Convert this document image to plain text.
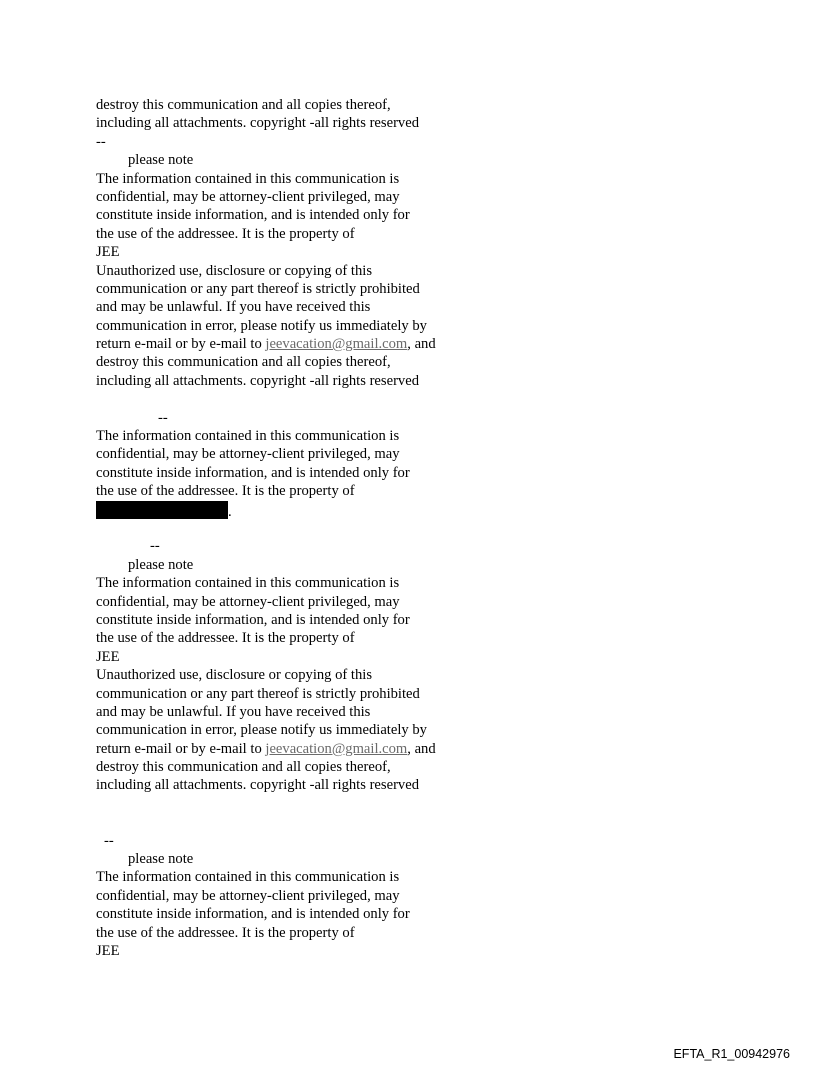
destroy this communication and all copies thereof,
including all attachments. copyright -all rights reserved
--
please note
The information contained in this communication is
confidential, may be attorney-client privileged, may
constitute inside information, and is intended only for
the use of the addressee. It is the property of
JEE
Unauthorized use, disclosure or copying of this
communication or any part thereof is strictly prohibited
and may be unlawful. If you have received this
communication in error, please notify us immediately by
return e-mail or by e-mail to jeevacation@gmail.com, and
destroy this communication and all copies thereof,
including all attachments. copyright -all rights reserved
--
The information contained in this communication is
confidential, may be attorney-client privileged, may
constitute inside information, and is intended only for
the use of the addressee. It is the property of
.
--
please note
The information contained in this communication is
confidential, may be attorney-client privileged, may
constitute inside information, and is intended only for
the use of the addressee. It is the property of
JEE
Unauthorized use, disclosure or copying of this
communication or any part thereof is strictly prohibited
and may be unlawful. If you have received this
communication in error, please notify us immediately by
return e-mail or by e-mail to jeevacation@gmail.com, and
destroy this communication and all copies thereof,
including all attachments. copyright -all rights reserved
--
please note
The information contained in this communication is
confidential, may be attorney-client privileged, may
constitute inside information, and is intended only for
the use of the addressee. It is the property of
JEE
EFTA_R1_00942976
